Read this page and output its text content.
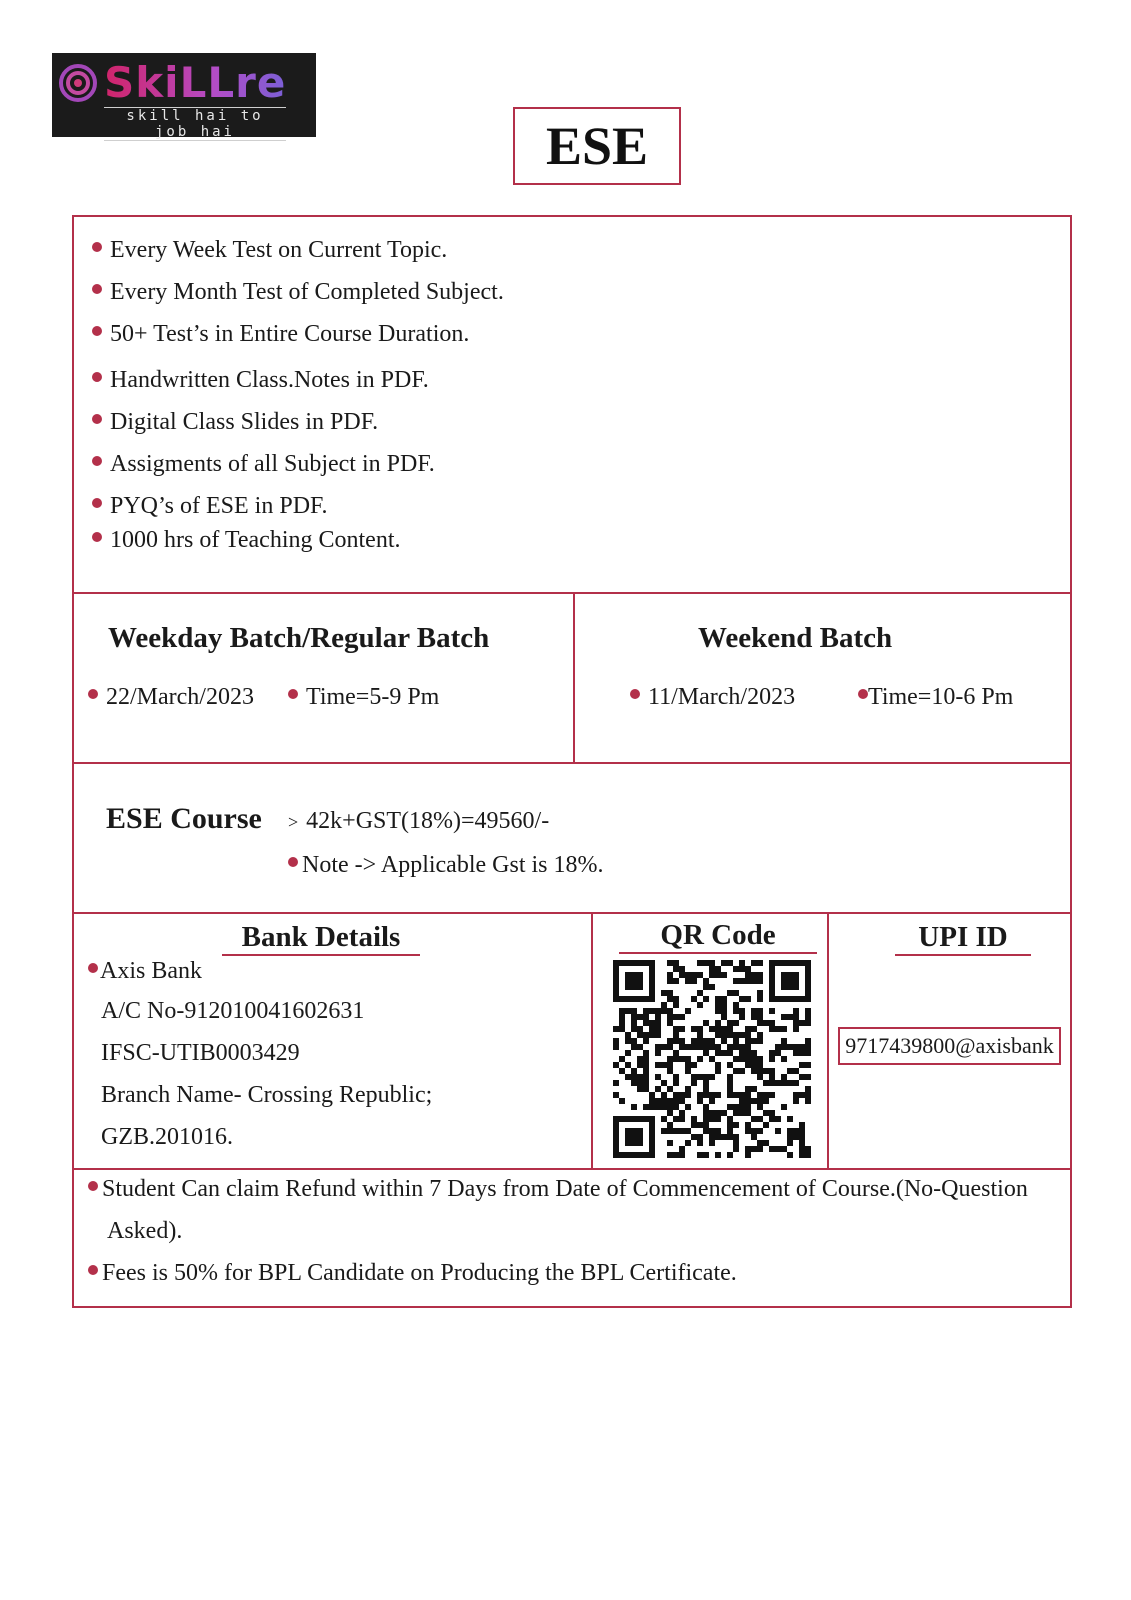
SkiLLre
skill hai to job hai	ESE
Every Week Test on Current Topic.
Every Month Test of Completed Subject.
50+ Test’s in Entire Course Duration.
Handwritten Class.Notes in PDF.
Digital Class Slides in PDF.
Assigments of all Subject in PDF.
PYQ’s of ESE in PDF.
1000 hrs of Teaching Content.
Weekday Batch/Regular Batch
22/March/2023	Time=5-9 Pm
Weekend Batch
11/March/2023	Time=10-6 Pm
ESE Course > 42k+GST(18%)=49560/-
Note -> Applicable Gst is 18%.
Bank Details
Axis Bank
A/C No-912010041602631
IFSC-UTIB0003429
Branch Name- Crossing Republic;
GZB.201016.
QR Code	UPI ID
9717439800@axisbank
Student Can claim Refund within 7 Days from Date of Commencement of Course.(No-Question
Asked).
Fees is 50% for BPL Candidate on Producing the BPL Certificate.
